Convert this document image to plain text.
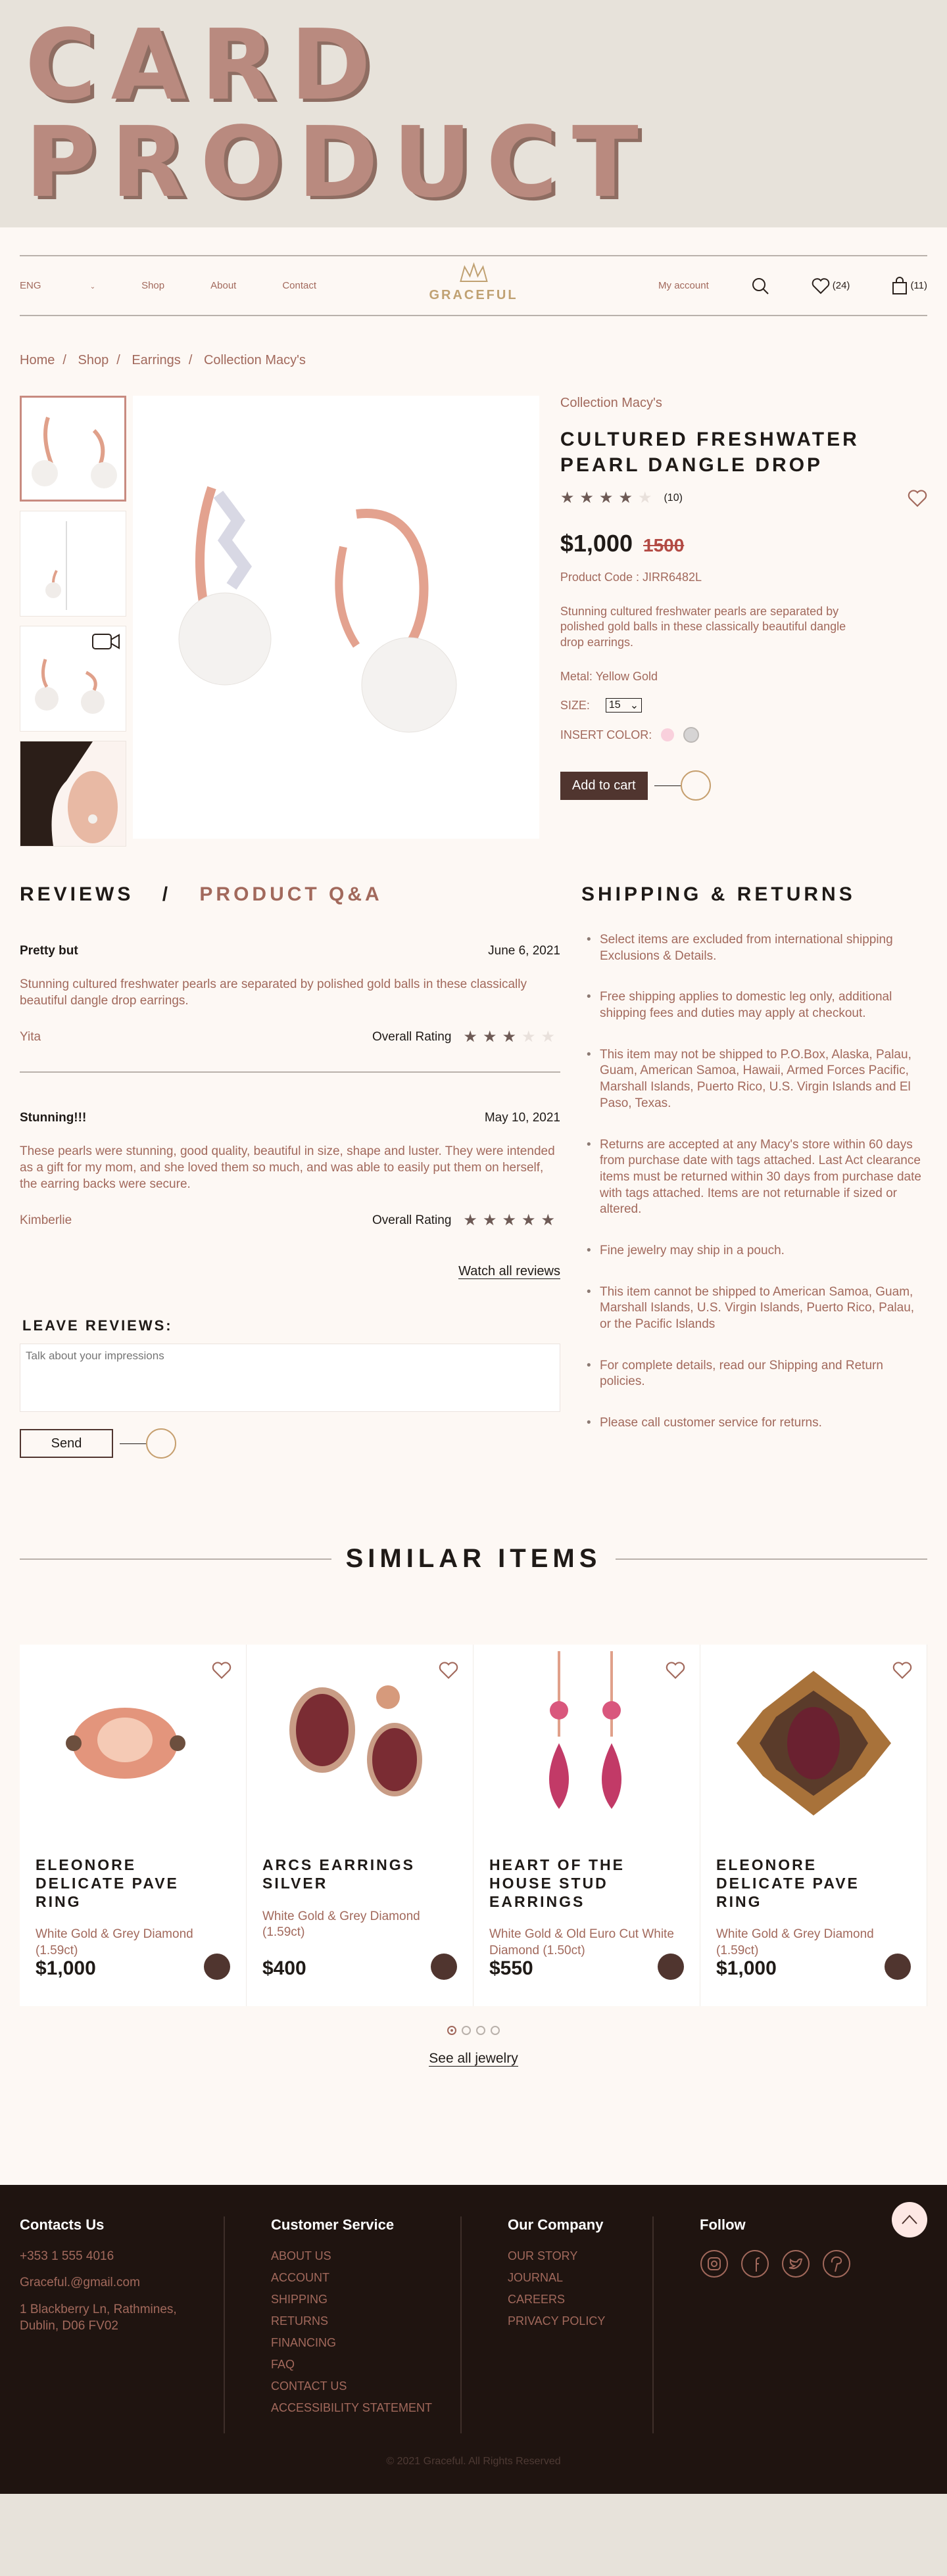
CARD PRODUCT
ENG	⌄	Shop	About	Contact
GRACEFUL
My account	(24)	(11)
Home / Shop / Earrings / Collection Macy's
Collection Macy's
CULTURED FRESHWATER PEARL DANGLE DROP
★★★★★ (10)
$1,000 1500
Product Code : JIRR6482L
Stunning cultured freshwater pearls are separated by polished gold balls in these classically beautiful dangle drop earrings.
Metal: Yellow Gold
SIZE: 15 ⌄
INSERT COLOR:
Add to cart
REVIEWS / PRODUCT Q&A
Pretty but	June 6, 2021

Stunning cultured freshwater pearls are separated by polished gold balls in these classically beautiful dangle drop earrings.

Yita	Overall Rating ★★★★★
Stunning!!!	May 10, 2021

These pearls were stunning, good quality, beautiful in size, shape and luster. They were intended as a gift for my mom, and she loved them so much, and was able to easily put them on herself, the earring backs were secure.

Kimberlie	Overall Rating ★★★★★
Watch all reviews
LEAVE REVIEWS:
Talk about your impressions
Send
SHIPPING & RETURNS
• Select items are excluded from international shipping Exclusions & Details.
• Free shipping applies to domestic leg only, additional shipping fees and duties may apply at checkout.
• This item may not be shipped to P.O.Box, Alaska, Palau, Guam, American Samoa, Hawaii, Armed Forces Pacific, Marshall Islands, Puerto Rico, U.S. Virgin Islands and El Paso, Texas.
• Returns are accepted at any Macy's store within 60 days from purchase date with tags attached. Last Act clearance items must be returned within 30 days from purchase date with tags attached. Items are not returnable if sized or altered.
• Fine jewelry may ship in a pouch.
• This item cannot be shipped to American Samoa, Guam, Marshall Islands, U.S. Virgin Islands, Puerto Rico, Palau, or the Pacific Islands
• For complete details, read our Shipping and Return policies.
• Please call customer service for returns.
SIMILAR ITEMS
ELEONORE DELICATE PAVE RING
White Gold & Grey Diamond (1.59ct)
$1,000
ARCS EARRINGS SILVER
White Gold & Grey Diamond (1.59ct)
$400
HEART OF THE HOUSE STUD EARRINGS
White Gold & Old Euro Cut White Diamond (1.50ct)
$550
ELEONORE DELICATE PAVE RING
White Gold & Grey Diamond (1.59ct)
$1,000
See all jewelry
Contacts Us
+353 1 555 4016
Graceful.@gmail.com
1 Blackberry Ln, Rathmines, Dublin, D06 FV02
Customer Service
ABOUT US
ACCOUNT
SHIPPING
RETURNS
FINANCING
FAQ
CONTACT US
ACCESSIBILITY STATEMENT
Our Company
OUR STORY
JOURNAL
CAREERS
PRIVACY POLICY
Follow
© 2021 Graceful. All Rights Reserved
